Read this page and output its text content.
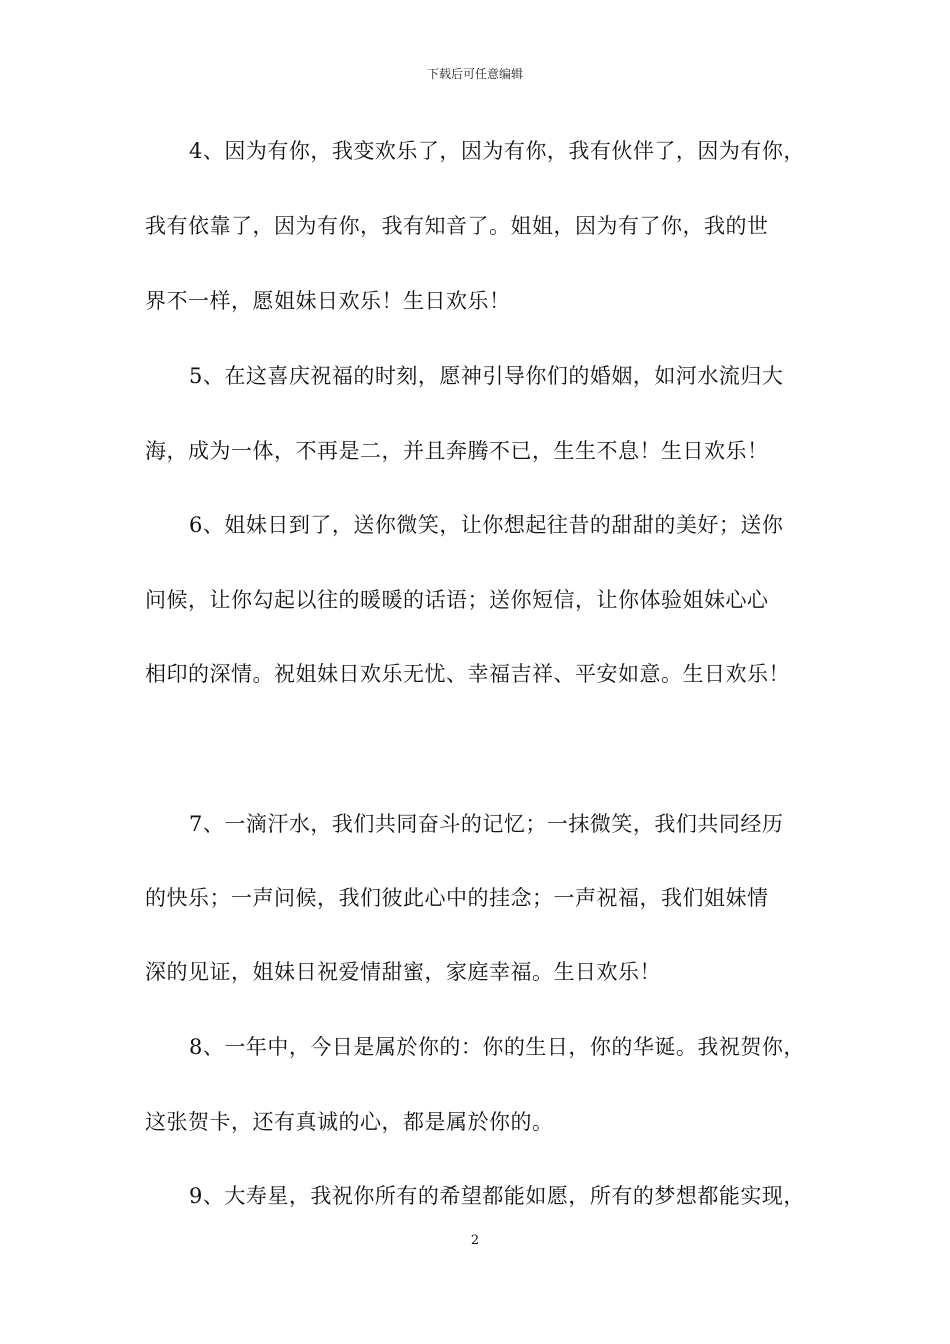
下载后可任意编辑
4、因为有你，我变欢乐了，因为有你，我有伙伴了，因为有你，
我有依靠了，因为有你，我有知音了。姐姐，因为有了你，我的世
界不一样，愿姐妹日欢乐！生日欢乐！
5、在这喜庆祝福的时刻，愿神引导你们的婚姻，如河水流归大
海，成为一体，不再是二，并且奔腾不已，生生不息！生日欢乐！
6、姐妹日到了，送你微笑，让你想起往昔的甜甜的美好；送你
问候，让你勾起以往的暖暖的话语；送你短信，让你体验姐妹心心
相印的深情。祝姐妹日欢乐无忧、幸福吉祥、平安如意。生日欢乐！
7、一滴汗水，我们共同奋斗的记忆；一抹微笑，我们共同经历
的快乐；一声问候，我们彼此心中的挂念；一声祝福，我们姐妹情
深的见证，姐妹日祝爱情甜蜜，家庭幸福。生日欢乐！
8、一年中，今日是属於你的：你的生日，你的华诞。我祝贺你，
这张贺卡，还有真诚的心，都是属於你的。
9、大寿星，我祝你所有的希望都能如愿，所有的梦想都能实现，
2
